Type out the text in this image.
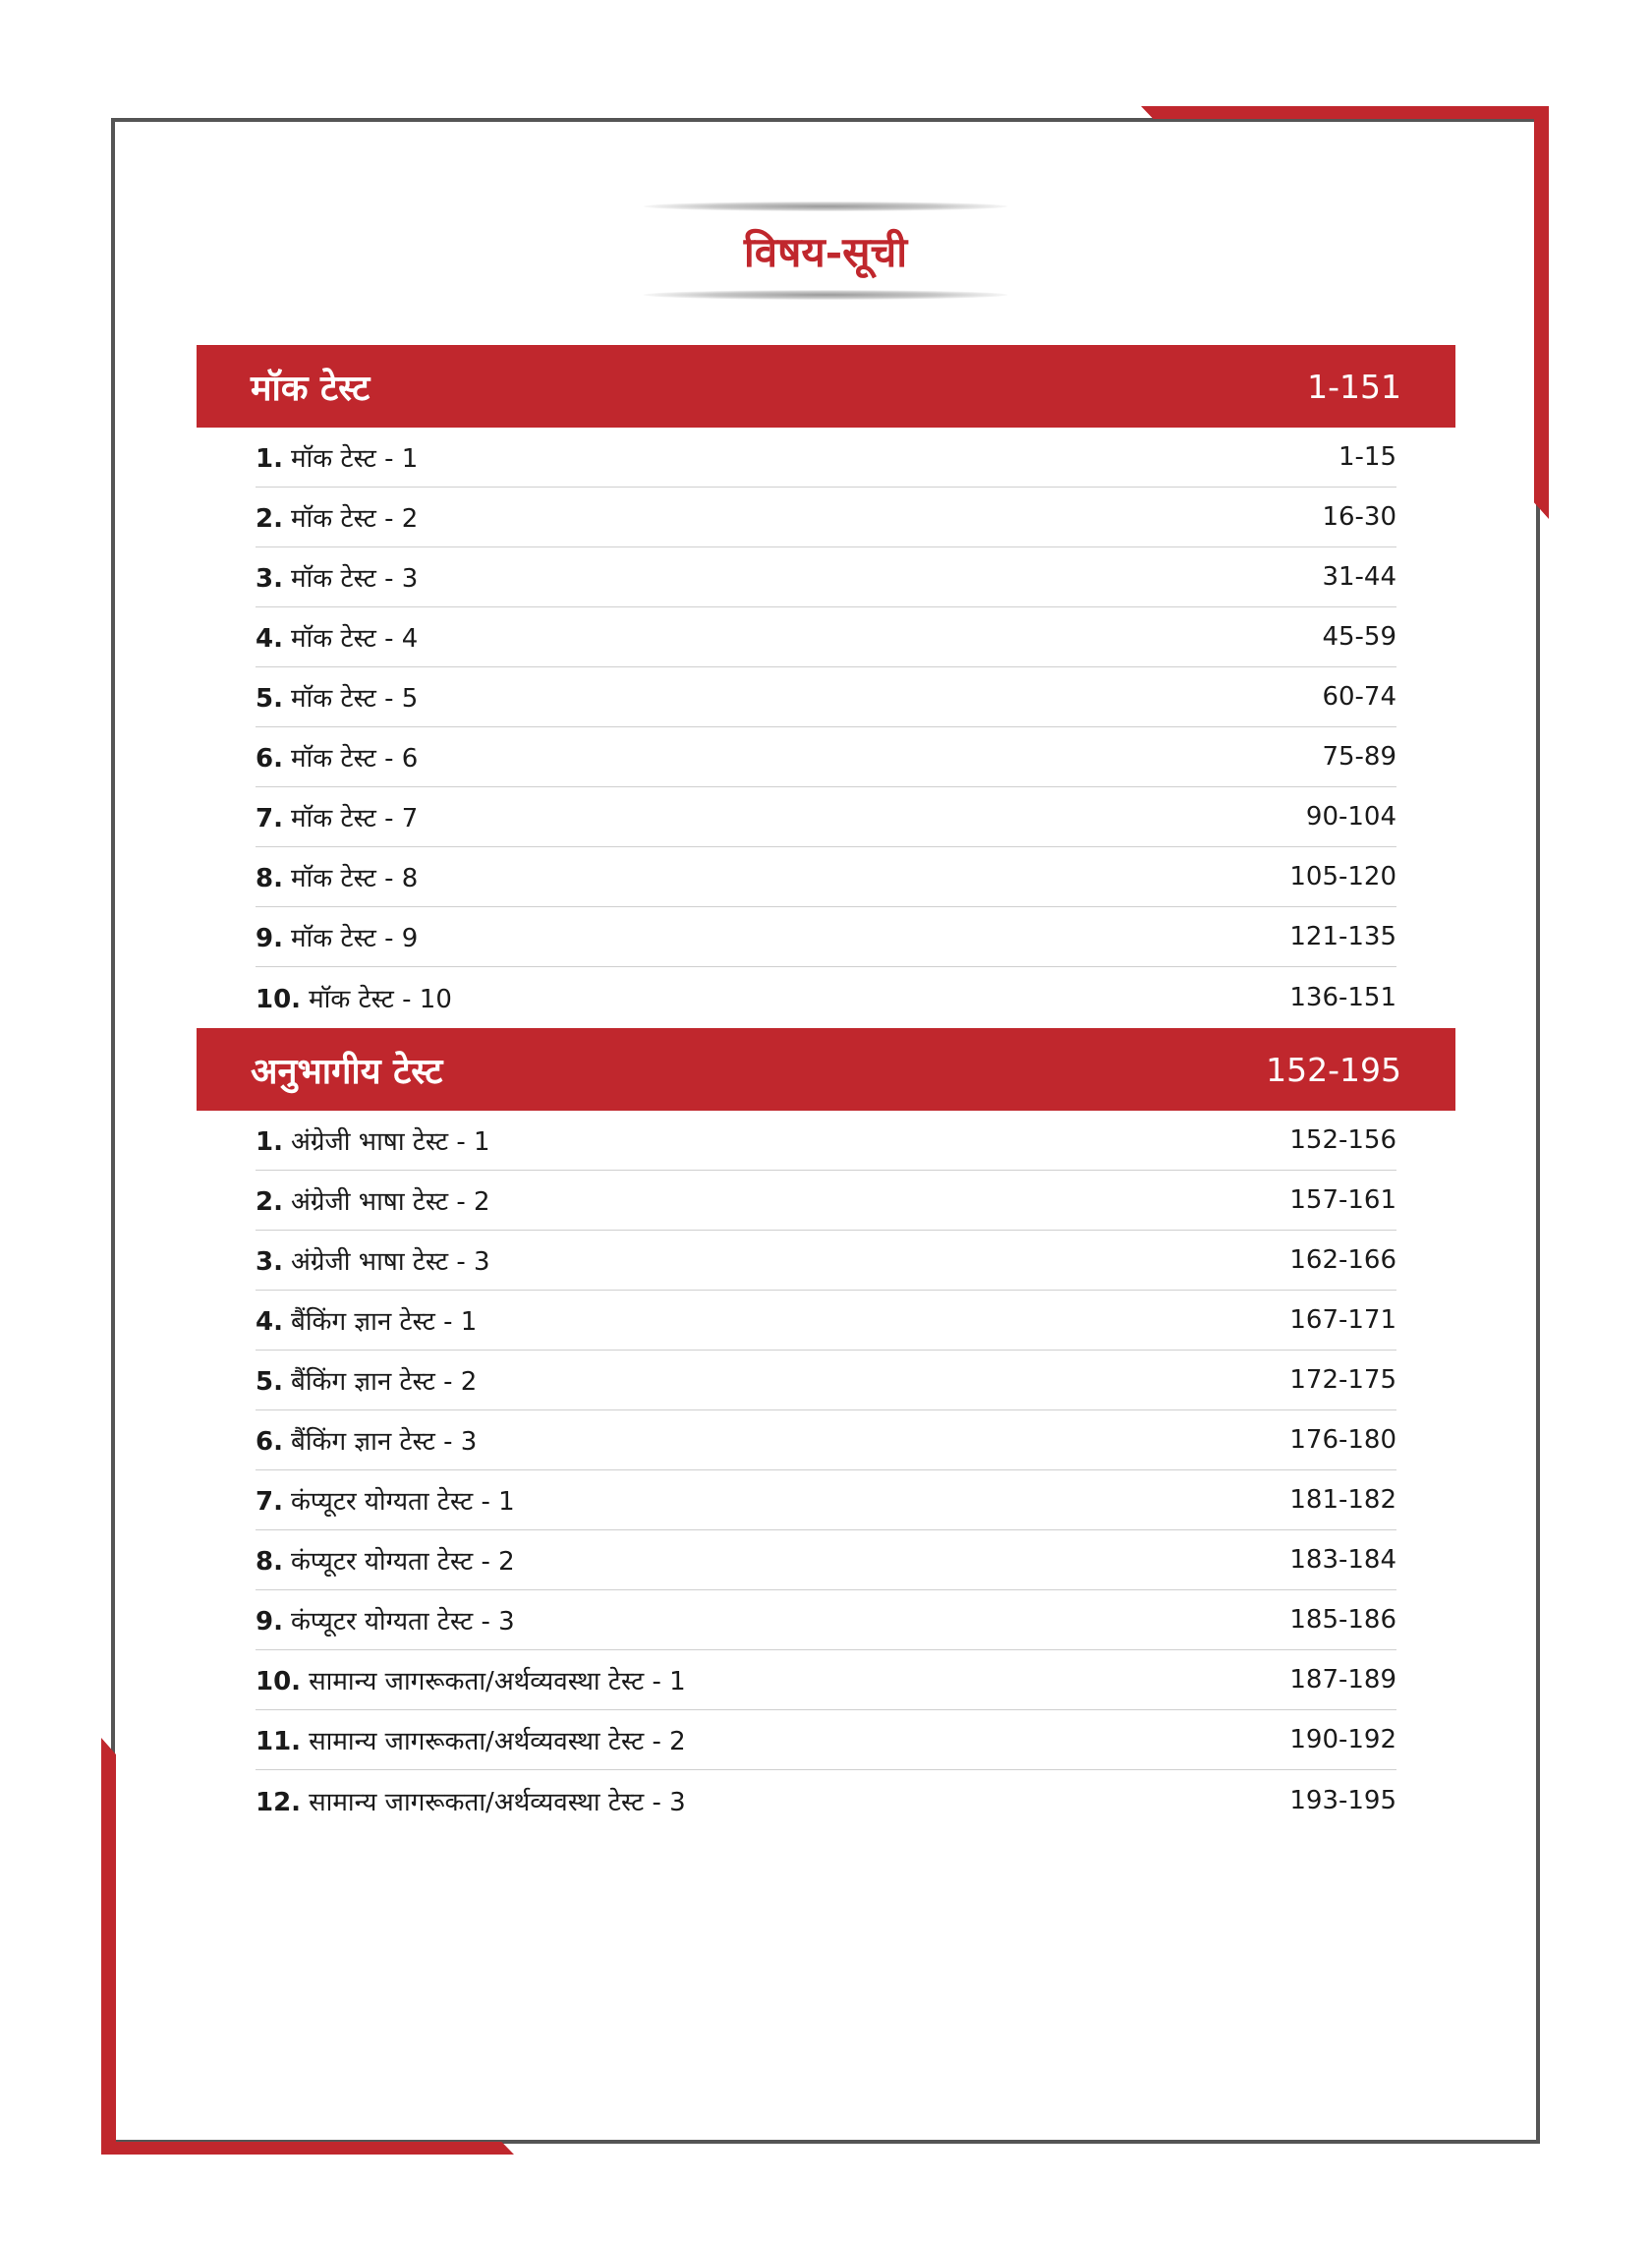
विषय-सूची
मॉक टेस्ट	1-151
1. मॉक टेस्ट - 1	1-15
2. मॉक टेस्ट - 2	16-30
3. मॉक टेस्ट - 3	31-44
4. मॉक टेस्ट - 4	45-59
5. मॉक टेस्ट - 5	60-74
6. मॉक टेस्ट - 6	75-89
7. मॉक टेस्ट - 7	90-104
8. मॉक टेस्ट - 8	105-120
9. मॉक टेस्ट - 9	121-135
10. मॉक टेस्ट - 10	136-151
अनुभागीय टेस्ट	152-195
1. अंग्रेजी भाषा टेस्ट - 1	152-156
2. अंग्रेजी भाषा टेस्ट - 2	157-161
3. अंग्रेजी भाषा टेस्ट - 3	162-166
4. बैंकिंग ज्ञान टेस्ट - 1	167-171
5. बैंकिंग ज्ञान टेस्ट - 2	172-175
6. बैंकिंग ज्ञान टेस्ट - 3	176-180
7. कंप्यूटर योग्यता टेस्ट - 1	181-182
8. कंप्यूटर योग्यता टेस्ट - 2	183-184
9. कंप्यूटर योग्यता टेस्ट - 3	185-186
10. सामान्य जागरूकता/अर्थव्यवस्था टेस्ट - 1	187-189
11. सामान्य जागरूकता/अर्थव्यवस्था टेस्ट - 2	190-192
12. सामान्य जागरूकता/अर्थव्यवस्था टेस्ट - 3	193-195
